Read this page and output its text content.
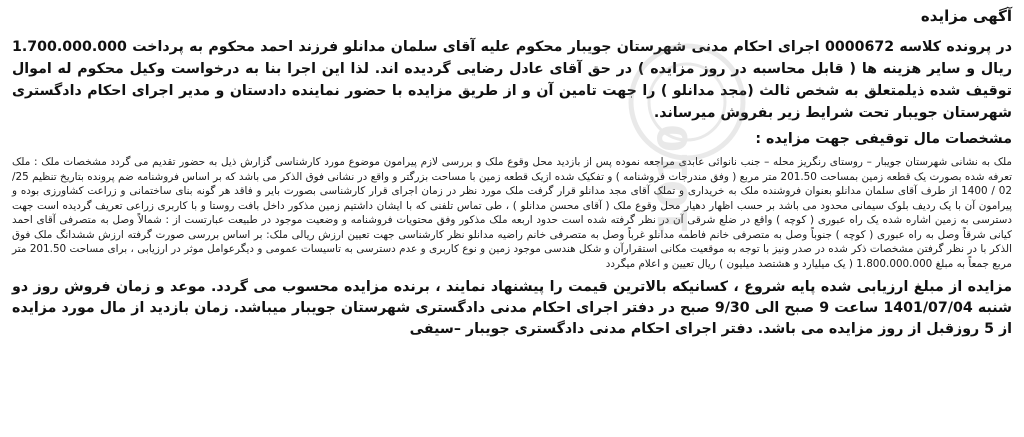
1010
آگهی مزایده

در پرونده کلاسه 0000672 اجرای احکام مدنی شهرستان جویبار محکوم علیه آقای سلمان مدانلو فرزند احمد محکوم به پرداخت 1.700.000.000 ریال و سایر هزینه ها ( قابل محاسبه در روز مزایده ) در حق آقای عادل رضایی گردیده اند. لذا این اجرا بنا به درخواست وکیل محکوم له اموال توقیف شده ذیلمتعلق به شخص ثالث (مجد مدانلو ) را جهت تامین آن و از طریق مزایده با حضور نماینده دادستان و مدیر اجرای احکام دادگستری شهرستان جویبار تحت شرایط زیر بفروش میرساند.

مشخصات مال توقیفی جهت مزایده :

ملک به نشانی شهرستان جویبار – روستای رنگریز محله – جنب نانوائی عابدی مراجعه نموده پس از بازدید محل وقوع ملک و بررسی لازم پیرامون موضوع مورد کارشناسی گزارش ذیل به حضور تقدیم می گردد مشخصات ملک : ملک تعرفه شده بصورت یک قطعه زمین بمساحت 201.50 متر مربع ( وفق مندرجات فروشنامه ) و تفکیک شده ازیک قطعه زمین با مساحت بزرگتر و واقع در نشانی فوق الذکر می باشد که بر اساس فروشنامه ضم پرونده بتاریخ تنظیم 25/ 02 / 1400 از طرف آقای سلمان مدانلو بعنوان فروشنده ملک به خریداری و تملک آقای مجد مدانلو قرار گرفت ملک مورد نظر در زمان اجرای قرار کارشناسی بصورت بایر و فاقد هر گونه بنای ساختمانی و زراعت کشاورزی بوده و پیرامون آن با یک ردیف بلوک سیمانی محدود می باشد بر حسب اظهار دهیار محل وقوع ملک ( آقای محسن مدانلو ) ، طی تماس تلفنی که با ایشان داشتیم زمین مذکور داخل بافت روستا و با کاربری زراعی تعریف گردیده است جهت دسترسی به زمین اشاره شده یک راه عبوری ( کوچه ) واقع در ضلع شرقی آن در نظر گرفته شده است حدود اربعه ملک مذکور وفق محتویات فروشنامه و وضعیت موجود در طبیعت عبارتست از : شمالاً وصل به متصرفی آقای احمد کیانی شرقاً وصل به راه عبوری ( کوچه ) جنوباً وصل به متصرفی خانم فاطمه مدانلو غرباً وصل به متصرفی خانم راضیه مدانلو نظر کارشناسی جهت تعیین ارزش ریالی ملک: بر اساس بررسی صورت گرفته ارزش ششدانگ ملک فوق الذکر با در نظر گرفتن مشخصات ذکر شده در صدر ونیز با توجه به موقعیت مکانی استقرارآن و شکل هندسی موجود زمین و نوع کاربری و عدم دسترسی به تاسیسات عمومی و دیگرعوامل موثر در ارزیابی ، برای مساحت 201.50 متر مربع جمعاً به مبلغ 1.800.000.000 ( یک میلیارد و هشتصد میلیون ) ریال تعیین و اعلام میگردد

مزایده از مبلغ ارزیابی شده پایه شروع ، کسانیکه بالاترین قیمت را پیشنهاد نمایند ، برنده مزایده محسوب می گردد. موعد و زمان فروش روز دو شنبه 1401/07/04 ساعت 9 صبح الی 9/30 صبح در دفتر اجرای احکام مدنی دادگستری شهرستان جویبار میباشد. زمان بازدید از مال مورد مزایده از 5 روزقبل از روز مزایده می باشد. دفتر اجرای احکام مدنی دادگستری جویبار –سیفی
